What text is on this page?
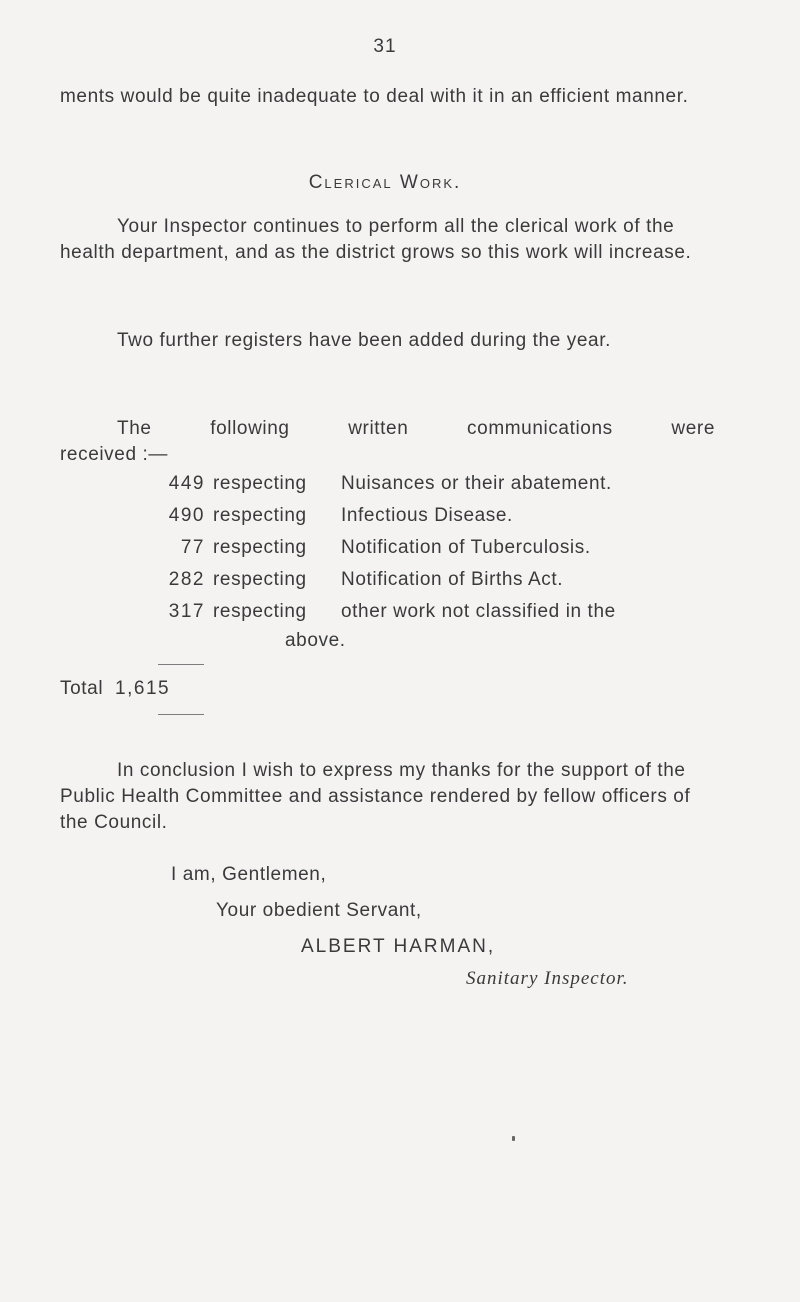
31

ments would be quite inadequate to deal with it in an efficient manner.

Clerical Work.

Your Inspector continues to perform all the clerical work of the health department, and as the district grows so this work will increase.

Two further registers have been added during the year.

The following written communications were

received :—

449 respecting Nuisances or their abatement.
490 respecting Infectious Disease.
77 respecting Notification of Tuberculosis.
282 respecting Notification of Births Act.
317 respecting other work not classified in the
above.
Total 1,615

In conclusion I wish to express my thanks for the support of the Public Health Committee and assistance rendered by fellow officers of the Council.

I am, Gentlemen,
Your obedient Servant,
ALBERT HARMAN,
Sanitary Inspector.
